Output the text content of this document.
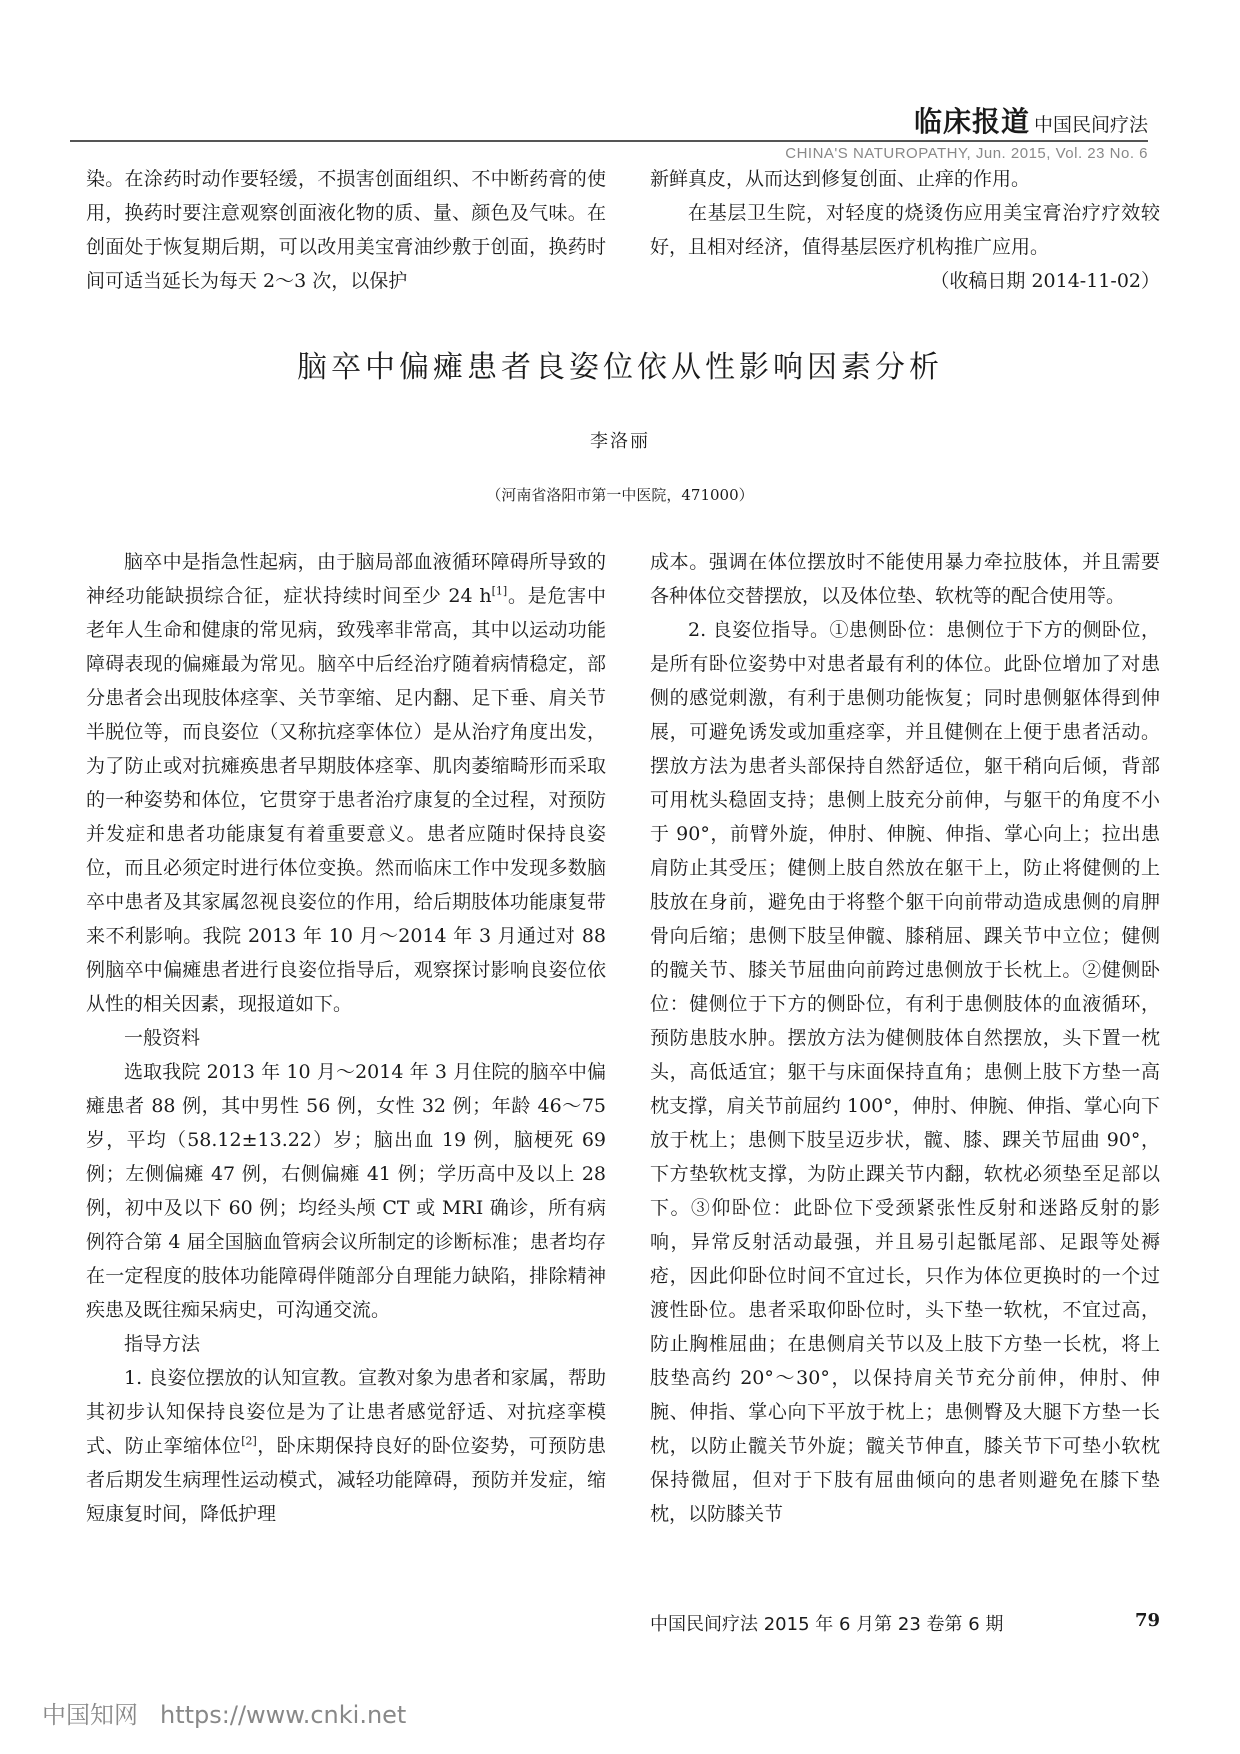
临床报道 中国民间疗法
CHINA'S NATUROPATHY, Jun. 2015, Vol. 23 No. 6

染。在涂药时动作要轻缓，不损害创面组织、不中断药膏的使用，换药时要注意观察创面液化物的质、量、颜色及气味。在创面处于恢复期后期，可以改用美宝膏油纱敷于创面，换药时间可适当延长为每天 2～3 次，以保护

新鲜真皮，从而达到修复创面、止痒的作用。

在基层卫生院，对轻度的烧烫伤应用美宝膏治疗疗效较好，且相对经济，值得基层医疗机构推广应用。

（收稿日期 2014-11-02）

脑卒中偏瘫患者良姿位依从性影响因素分析
李洛丽
（河南省洛阳市第一中医院，471000）

脑卒中是指急性起病，由于脑局部血液循环障碍所导致的神经功能缺损综合征，症状持续时间至少 24 h[1]。是危害中老年人生命和健康的常见病，致残率非常高，其中以运动功能障碍表现的偏瘫最为常见。脑卒中后经治疗随着病情稳定，部分患者会出现肢体痉挛、关节挛缩、足内翻、足下垂、肩关节半脱位等，而良姿位（又称抗痉挛体位）是从治疗角度出发，为了防止或对抗瘫痪患者早期肢体痉挛、肌肉萎缩畸形而采取的一种姿势和体位，它贯穿于患者治疗康复的全过程，对预防并发症和患者功能康复有着重要意义。患者应随时保持良姿位，而且必须定时进行体位变换。然而临床工作中发现多数脑卒中患者及其家属忽视良姿位的作用，给后期肢体功能康复带来不利影响。我院 2013 年 10 月～2014 年 3 月通过对 88 例脑卒中偏瘫患者进行良姿位指导后，观察探讨影响良姿位依从性的相关因素，现报道如下。

一般资料

选取我院 2013 年 10 月～2014 年 3 月住院的脑卒中偏瘫患者 88 例，其中男性 56 例，女性 32 例；年龄 46～75 岁，平均（58.12±13.22）岁；脑出血 19 例，脑梗死 69 例；左侧偏瘫 47 例，右侧偏瘫 41 例；学历高中及以上 28 例，初中及以下 60 例；均经头颅 CT 或 MRI 确诊，所有病例符合第 4 届全国脑血管病会议所制定的诊断标准；患者均存在一定程度的肢体功能障碍伴随部分自理能力缺陷，排除精神疾患及既往痴呆病史，可沟通交流。

指导方法

1. 良姿位摆放的认知宣教。宣教对象为患者和家属，帮助其初步认知保持良姿位是为了让患者感觉舒适、对抗痉挛模式、防止挛缩体位[2]，卧床期保持良好的卧位姿势，可预防患者后期发生病理性运动模式，减轻功能障碍，预防并发症，缩短康复时间，降低护理

成本。强调在体位摆放时不能使用暴力牵拉肢体，并且需要各种体位交替摆放，以及体位垫、软枕等的配合使用等。

2. 良姿位指导。①患侧卧位：患侧位于下方的侧卧位，是所有卧位姿势中对患者最有利的体位。此卧位增加了对患侧的感觉刺激，有利于患侧功能恢复；同时患侧躯体得到伸展，可避免诱发或加重痉挛，并且健侧在上便于患者活动。摆放方法为患者头部保持自然舒适位，躯干稍向后倾，背部可用枕头稳固支持；患侧上肢充分前伸，与躯干的角度不小于 90°，前臂外旋，伸肘、伸腕、伸指、掌心向上；拉出患肩防止其受压；健侧上肢自然放在躯干上，防止将健侧的上肢放在身前，避免由于将整个躯干向前带动造成患侧的肩胛骨向后缩；患侧下肢呈伸髋、膝稍屈、踝关节中立位；健侧的髋关节、膝关节屈曲向前跨过患侧放于长枕上。②健侧卧位：健侧位于下方的侧卧位，有利于患侧肢体的血液循环，预防患肢水肿。摆放方法为健侧肢体自然摆放，头下置一枕头，高低适宜；躯干与床面保持直角；患侧上肢下方垫一高枕支撑，肩关节前屈约 100°，伸肘、伸腕、伸指、掌心向下放于枕上；患侧下肢呈迈步状，髋、膝、踝关节屈曲 90°，下方垫软枕支撑，为防止踝关节内翻，软枕必须垫至足部以下。③仰卧位：此卧位下受颈紧张性反射和迷路反射的影响，异常反射活动最强，并且易引起骶尾部、足跟等处褥疮，因此仰卧位时间不宜过长，只作为体位更换时的一个过渡性卧位。患者采取仰卧位时，头下垫一软枕，不宜过高，防止胸椎屈曲；在患侧肩关节以及上肢下方垫一长枕，将上肢垫高约 20°～30°，以保持肩关节充分前伸，伸肘、伸腕、伸指、掌心向下平放于枕上；患侧臀及大腿下方垫一长枕，以防止髋关节外旋；髋关节伸直，膝关节下可垫小软枕保持微屈，但对于下肢有屈曲倾向的患者则避免在膝下垫枕，以防膝关节

中国民间疗法 2015 年 6 月第 23 卷第 6 期	79
中国知网 https://www.cnki.net
